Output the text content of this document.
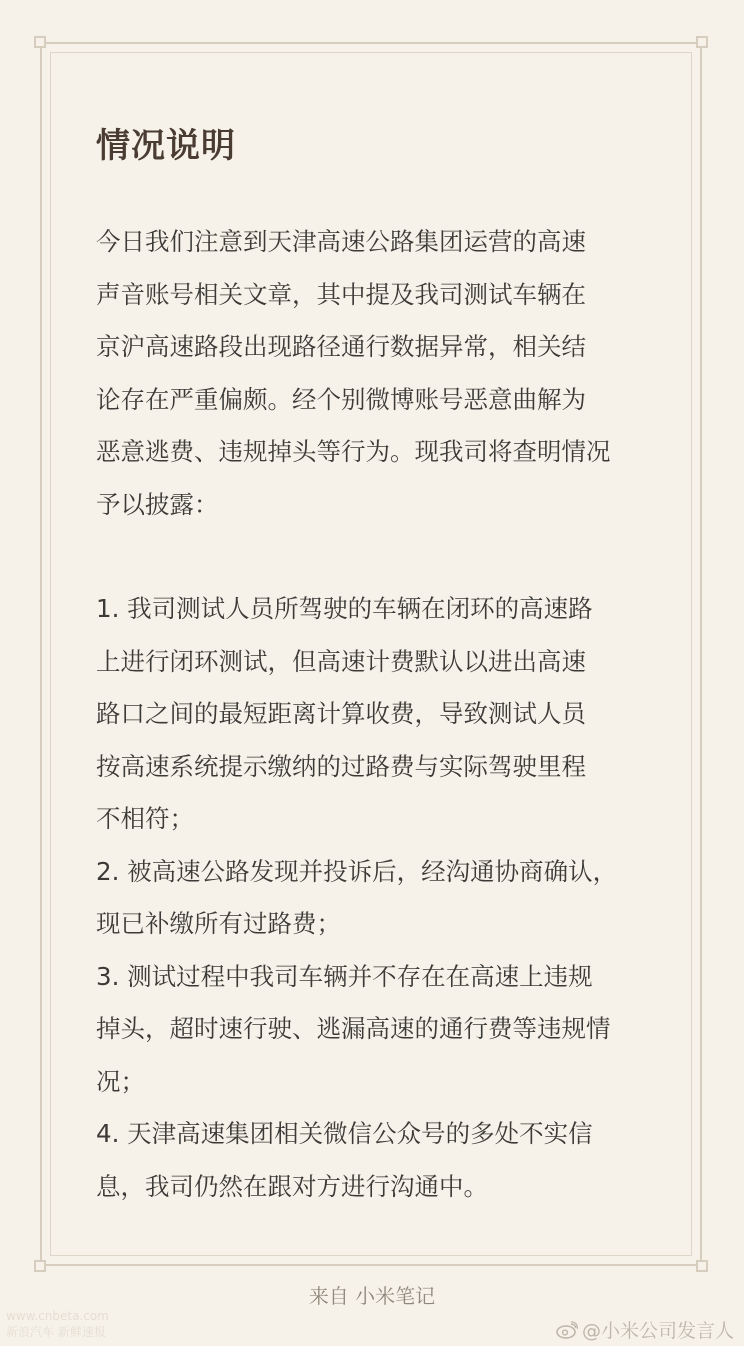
情况说明

今日我们注意到天津高速公路集团运营的高速
声音账号相关文章，其中提及我司测试车辆在
京沪高速路段出现路径通行数据异常，相关结
论存在严重偏颇。经个别微博账号恶意曲解为
恶意逃费、违规掉头等行为。现我司将查明情况
予以披露：

1. 我司测试人员所驾驶的车辆在闭环的高速路
上进行闭环测试，但高速计费默认以进出高速
路口之间的最短距离计算收费，导致测试人员
按高速系统提示缴纳的过路费与实际驾驶里程
不相符；

2. 被高速公路发现并投诉后，经沟通协商确认，
现已补缴所有过路费；

3. 测试过程中我司车辆并不存在在高速上违规
掉头，超时速行驶、逃漏高速的通行费等违规情
况；

4. 天津高速集团相关微信公众号的多处不实信
息，我司仍然在跟对方进行沟通中。

来自 小米笔记
www.cnbeta.com
新浪汽车 新鲜速报	@小米公司发言人
